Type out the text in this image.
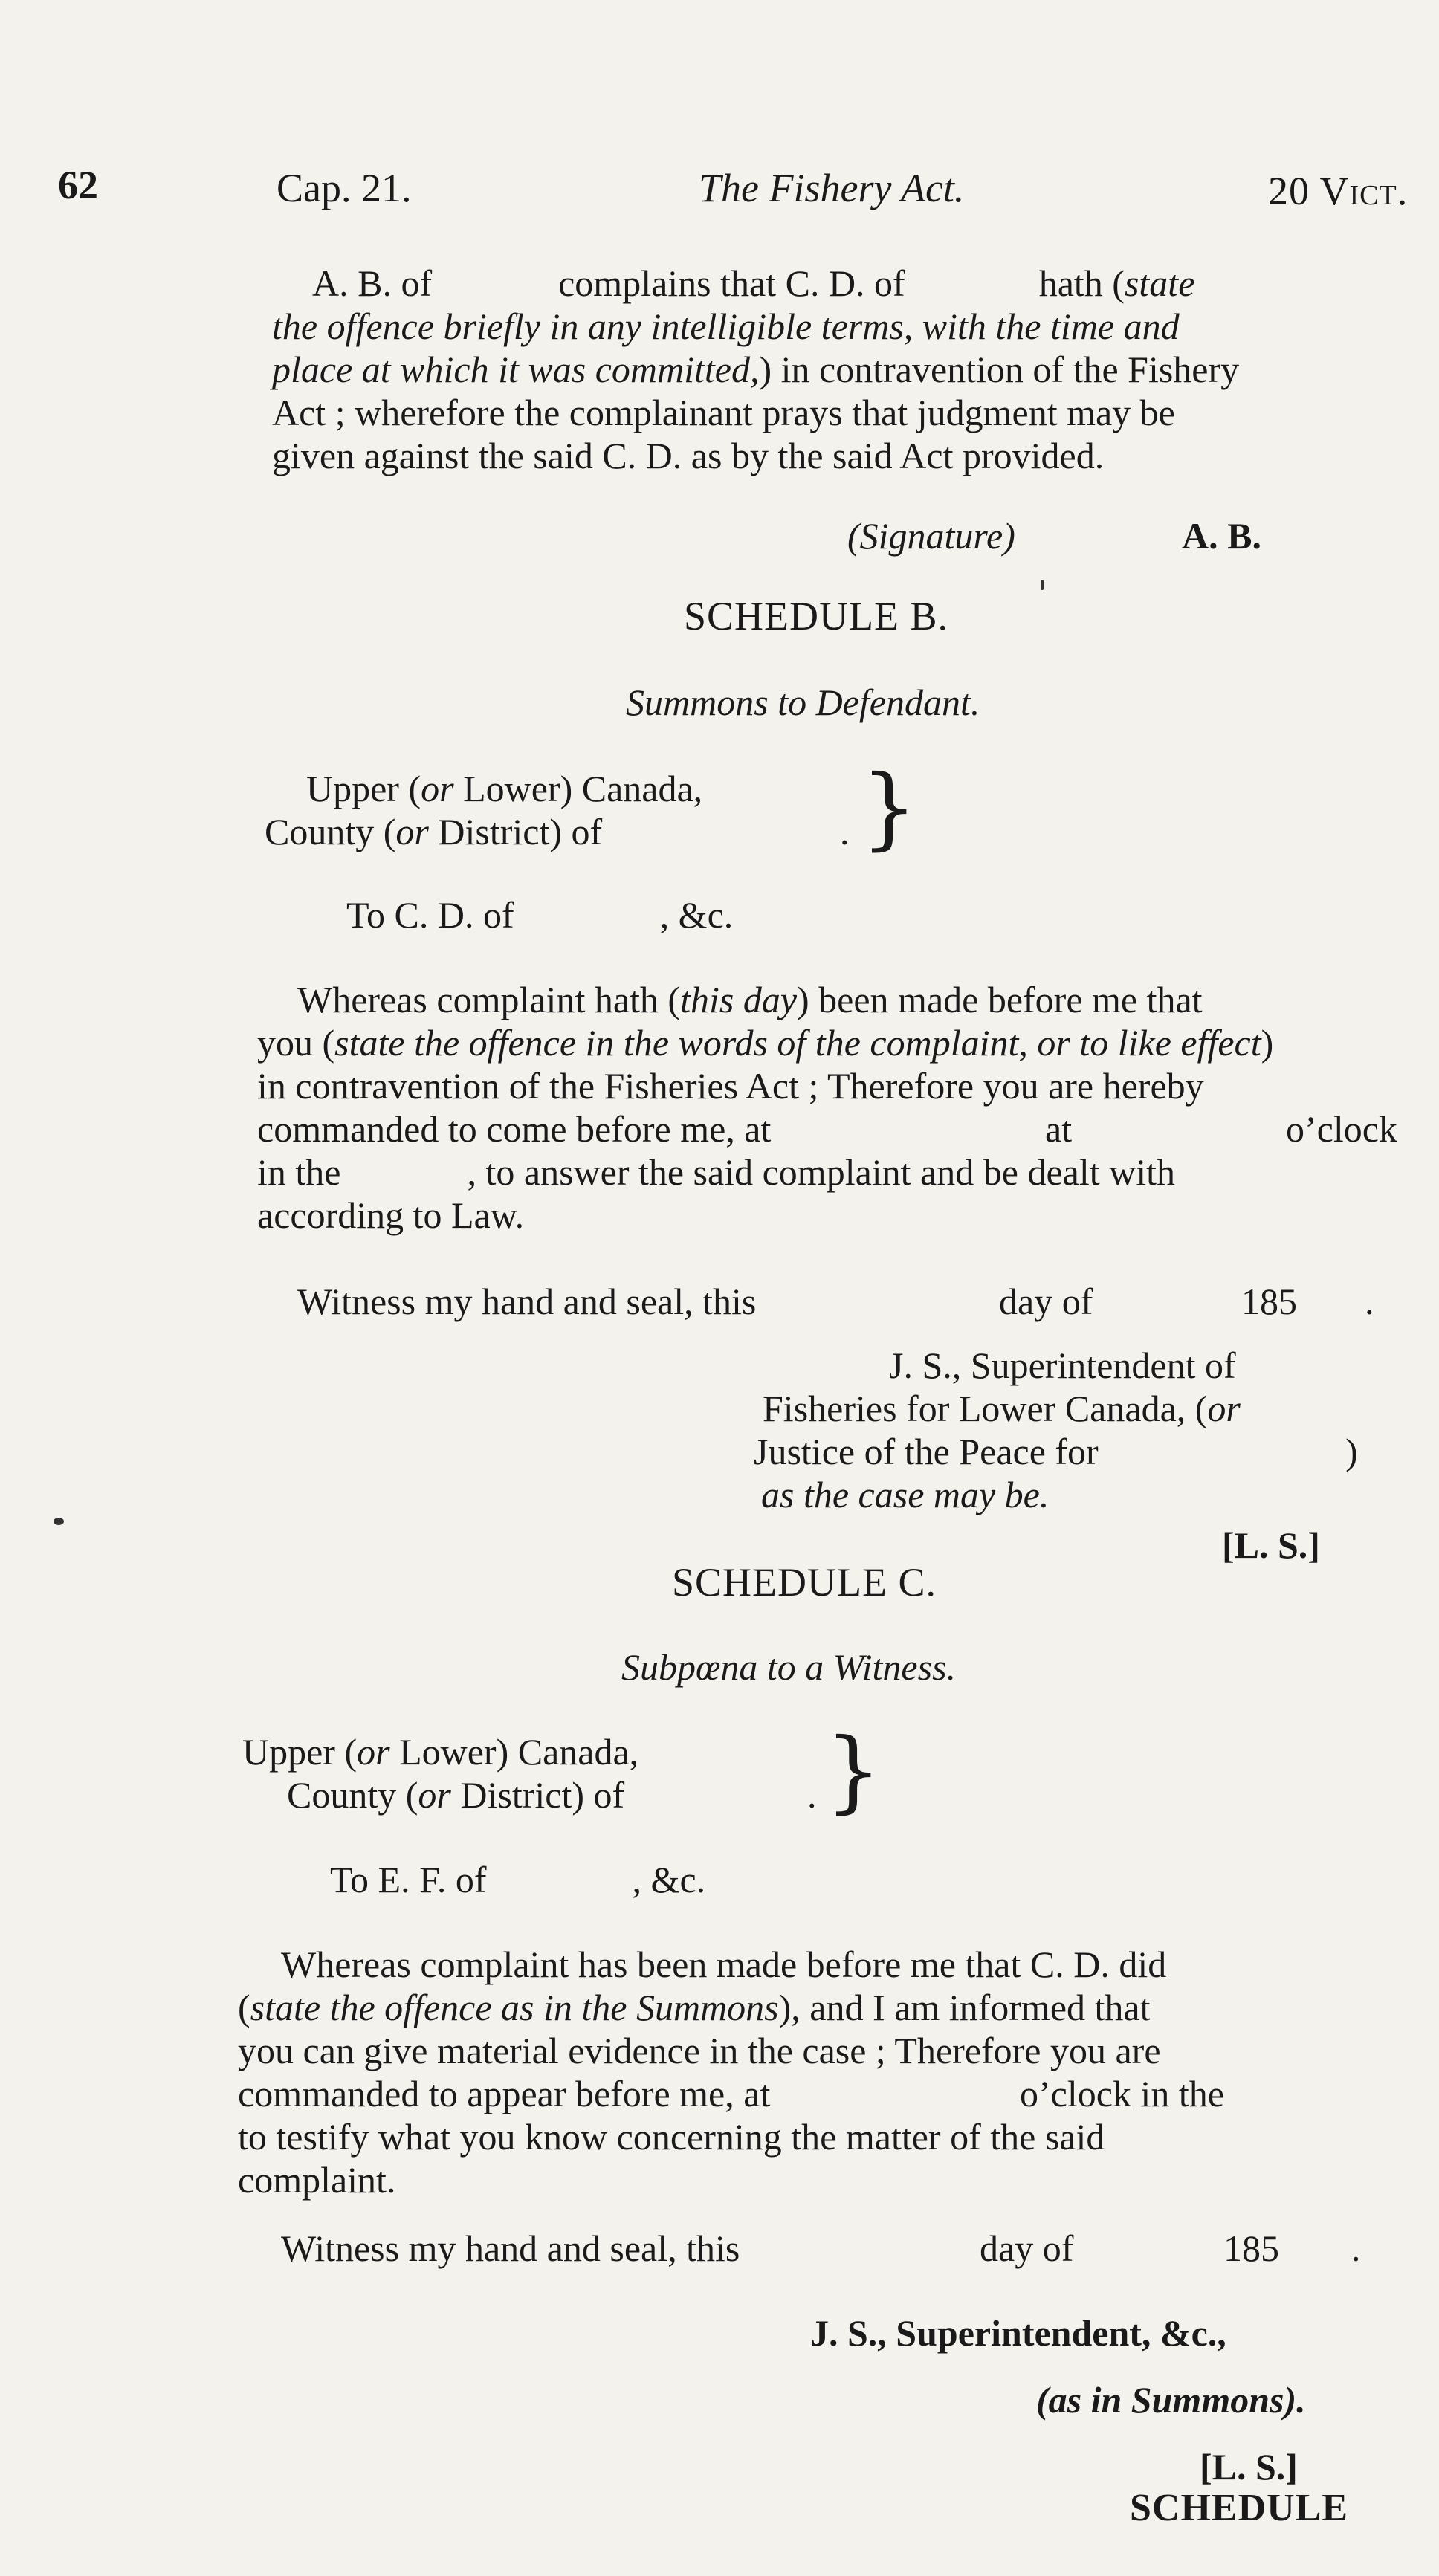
62	Cap. 21.	The Fishery Act.	20 Vict.
A. B. of	complains that C. D. of	hath (state
the offence briefly in any intelligible terms, with the time and
place at which it was committed,) in contravention of the Fishery
Act ; wherefore the complainant prays that judgment may be
given against the said C. D. as by the said Act provided.
(Signature)	A. B.
SCHEDULE B.
Summons to Defendant.
Upper (or Lower) Canada,
County (or District) of	. }
To C. D. of	, &c.
Whereas complaint hath (this day) been made before me that
you (state the offence in the words of the complaint, or to like effect)
in contravention of the Fisheries Act ; Therefore you are hereby
commanded to come before me, at	at	o’clock
in the	, to answer the said complaint and be dealt with
according to Law.
Witness my hand and seal, this	day of	185 .
J. S., Superintendent of
Fisheries for Lower Canada, (or
Justice of the Peace for	)
as the case may be.
[L. S.]
SCHEDULE C.
Subpœna to a Witness.
Upper (or Lower) Canada,
County (or District) of	. }
To E. F. of	, &c.
Whereas complaint has been made before me that C. D. did
(state the offence as in the Summons), and I am informed that
you can give material evidence in the case ; Therefore you are
commanded to appear before me, at	o’clock in the
to testify what you know concerning the matter of the said
complaint.
Witness my hand and seal, this	day of	185 .
J. S., Superintendent, &c.,
(as in Summons).
[L. S.]
SCHEDULE
